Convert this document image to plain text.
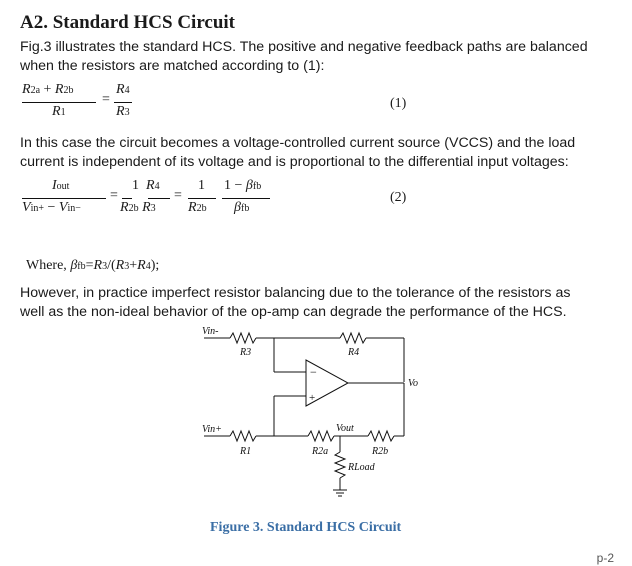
A2. Standard HCS Circuit
Fig.3 illustrates the standard HCS. The positive and negative feedback paths are balanced
when the resistors are matched according to (1):
R2a + R2b
R1
=
R4
R3
(1)
In this case the circuit becomes a voltage-controlled current source (VCCS) and the load
current is independent of its voltage and is proportional to the differential input voltages:
Iout
Vin+ − Vin−
=
1  R4
R2b R3
=
1
R2b
1 − βfb
βfb
(2)
Where, βfb=R3/(R3+R4);
However, in practice imperfect resistor balancing due to the tolerance of the resistors as
well as the non-ideal behavior of the op-amp can degrade the performance of the HCS.
Vin-
R3	R4
−
+
Vo
Vin+
R1	R2a
Vout
R2b
RLoad
Figure 3. Standard HCS Circuit
p-2
